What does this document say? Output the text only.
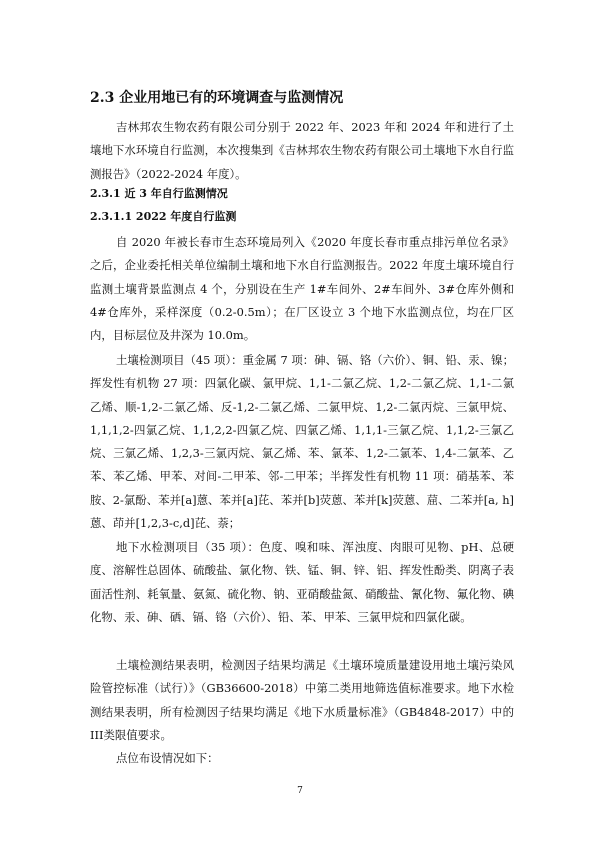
2.3 企业用地已有的环境调查与监测情况

吉林邦农生物农药有限公司分别于 2022 年、2023 年和 2024 年和进行了土壤地下水环境自行监测，本次搜集到《吉林邦农生物农药有限公司土壤地下水自行监测报告》（2022-2024 年度）。

2.3.1 近 3 年自行监测情况
2.3.1.1 2022 年度自行监测

自 2020 年被长春市生态环境局列入《2020 年度长春市重点排污单位名录》之后，企业委托相关单位编制土壤和地下水自行监测报告。2022 年度土壤环境自行监测土壤背景监测点 4 个，分别设在生产 1#车间外、2#车间外、3#仓库外侧和 4#仓库外，采样深度（0.2-0.5m）；在厂区设立 3 个地下水监测点位，均在厂区内，目标层位及井深为 10.0m。

土壤检测项目（45 项）：重金属 7 项：砷、镉、铬（六价）、铜、铅、汞、镍；挥发性有机物 27 项：四氯化碳、氯甲烷、1,1-二氯乙烷、1,2-二氯乙烷、1,1-二氯乙烯、顺-1,2-二氯乙烯、反-1,2-二氯乙烯、二氯甲烷、1,2-二氯丙烷、三氯甲烷、1,1,1,2-四氯乙烷、1,1,2,2-四氯乙烷、四氯乙烯、1,1,1-三氯乙烷、1,1,2-三氯乙烷、三氯乙烯、1,2,3-三氯丙烷、氯乙烯、苯、氯苯、1,2-二氯苯、1,4-二氯苯、乙苯、苯乙烯、甲苯、对间-二甲苯、邻-二甲苯；半挥发性有机物 11 项：硝基苯、苯胺、2-氯酚、苯并[a]蒽、苯并[a]芘、苯并[b]荧蒽、苯并[k]荧蒽、䓛、二苯并[a, h]蒽、茚并[1,2,3-c,d]芘、萘；

地下水检测项目（35 项）：色度、嗅和味、浑浊度、肉眼可见物、pH、总硬度、溶解性总固体、硫酸盐、氯化物、铁、锰、铜、锌、铝、挥发性酚类、阴离子表面活性剂、耗氧量、氨氮、硫化物、钠、亚硝酸盐氮、硝酸盐、氰化物、氟化物、碘化物、汞、砷、硒、镉、铬（六价）、铅、苯、甲苯、三氯甲烷和四氯化碳。

土壤检测结果表明，检测因子结果均满足《土壤环境质量建设用地土壤污染风险管控标准（试行）》（GB36600-2018）中第二类用地筛选值标准要求。地下水检测结果表明，所有检测因子结果均满足《地下水质量标准》（GB4848-2017）中的III类限值要求。

点位布设情况如下：

7
